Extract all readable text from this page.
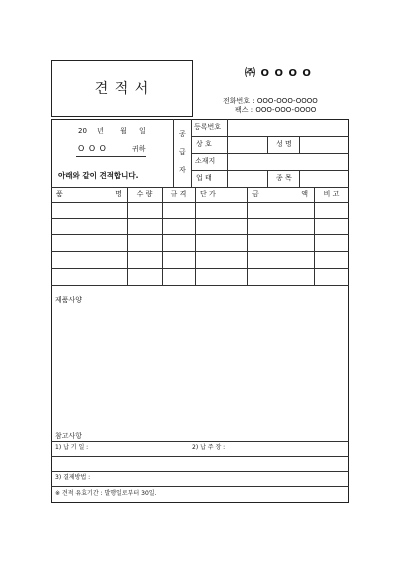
견 적 서
㈜ O O O O
전화번호 : OOO-OOO-OOOO
팩스 : OOO-OOO-OOOO
20 년 월 일
O O O	귀하
아래와 같이 견적합니다.
공
급
자
등록번호
상 호	성 명
소재지
업 태	종 목
품 명	수 량	규 격	단 가	금 액	비 고
제품사양
참고사항
1) 납 기 일 :	2) 납 주 장 :
3) 결제방법 :
※ 견적 유효기간 : 발행일로부터 30일.
